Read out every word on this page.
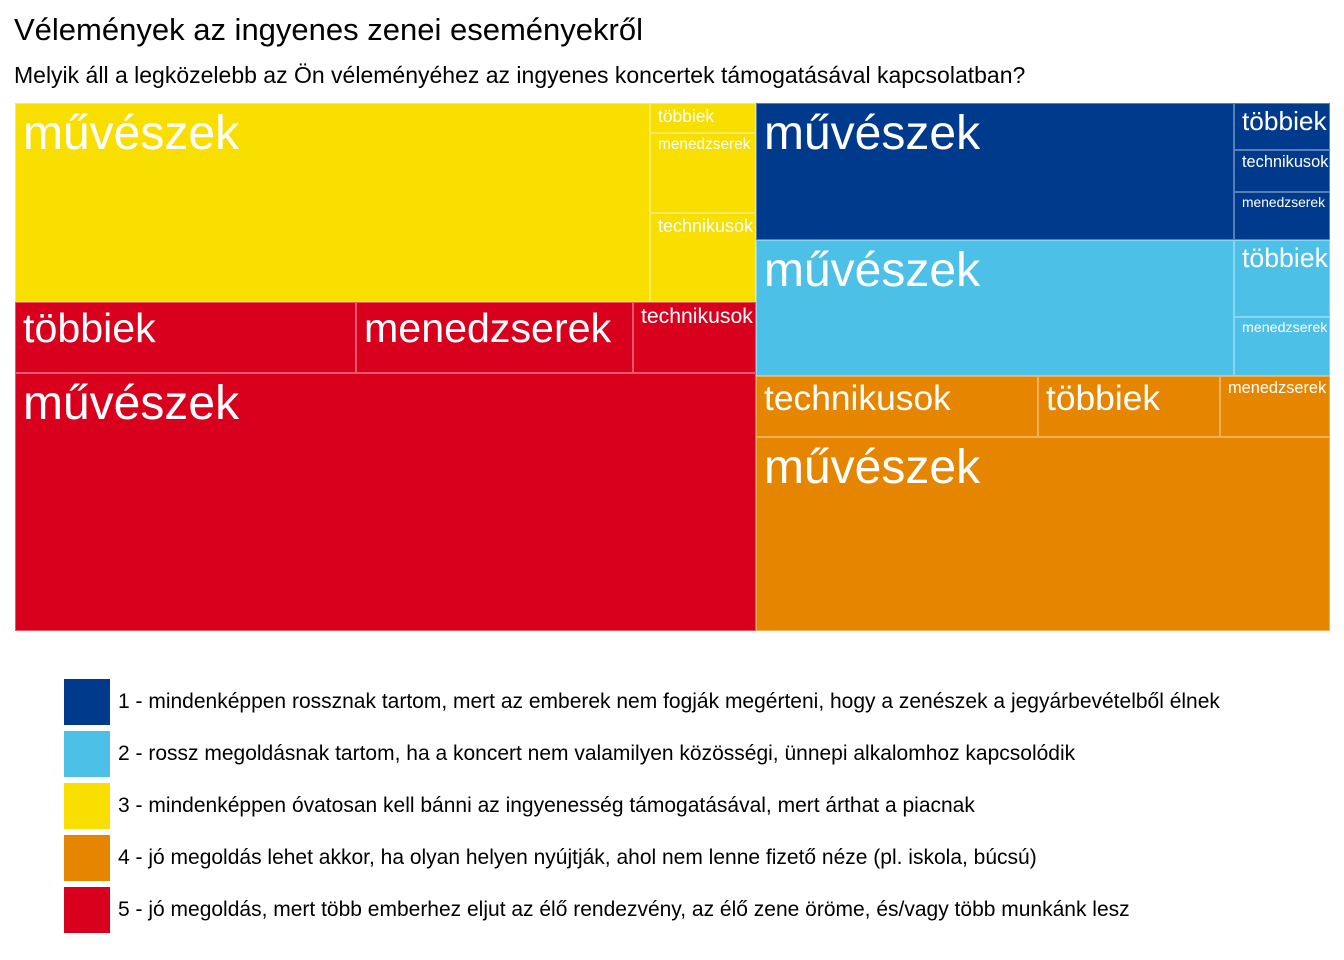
Vélemények az ingyenes zenei eseményekről
Melyik áll a legközelebb az Ön véleményéhez az ingyenes koncertek támogatásával kapcsolatban?
művészek	többiek
menedzserek
technikusok
többiek	menedzserek technikusok
művészek
művészek	többiek
technikusok
menedzserek
művészek	többiek
menedzserek
technikusok	többiek	menedzserek
művészek
1 - mindenképpen rossznak tartom, mert az emberek nem fogják megérteni, hogy a zenészek a jegyárbevételből élnek
2 - rossz megoldásnak tartom, ha a koncert nem valamilyen közösségi, ünnepi alkalomhoz kapcsolódik
3 - mindenképpen óvatosan kell bánni az ingyenesség támogatásával, mert árthat a piacnak
4 - jó megoldás lehet akkor, ha olyan helyen nyújtják, ahol nem lenne fizető néze (pl. iskola, búcsú)
5 - jó megoldás, mert több emberhez eljut az élő rendezvény, az élő zene öröme, és/vagy több munkánk lesz
